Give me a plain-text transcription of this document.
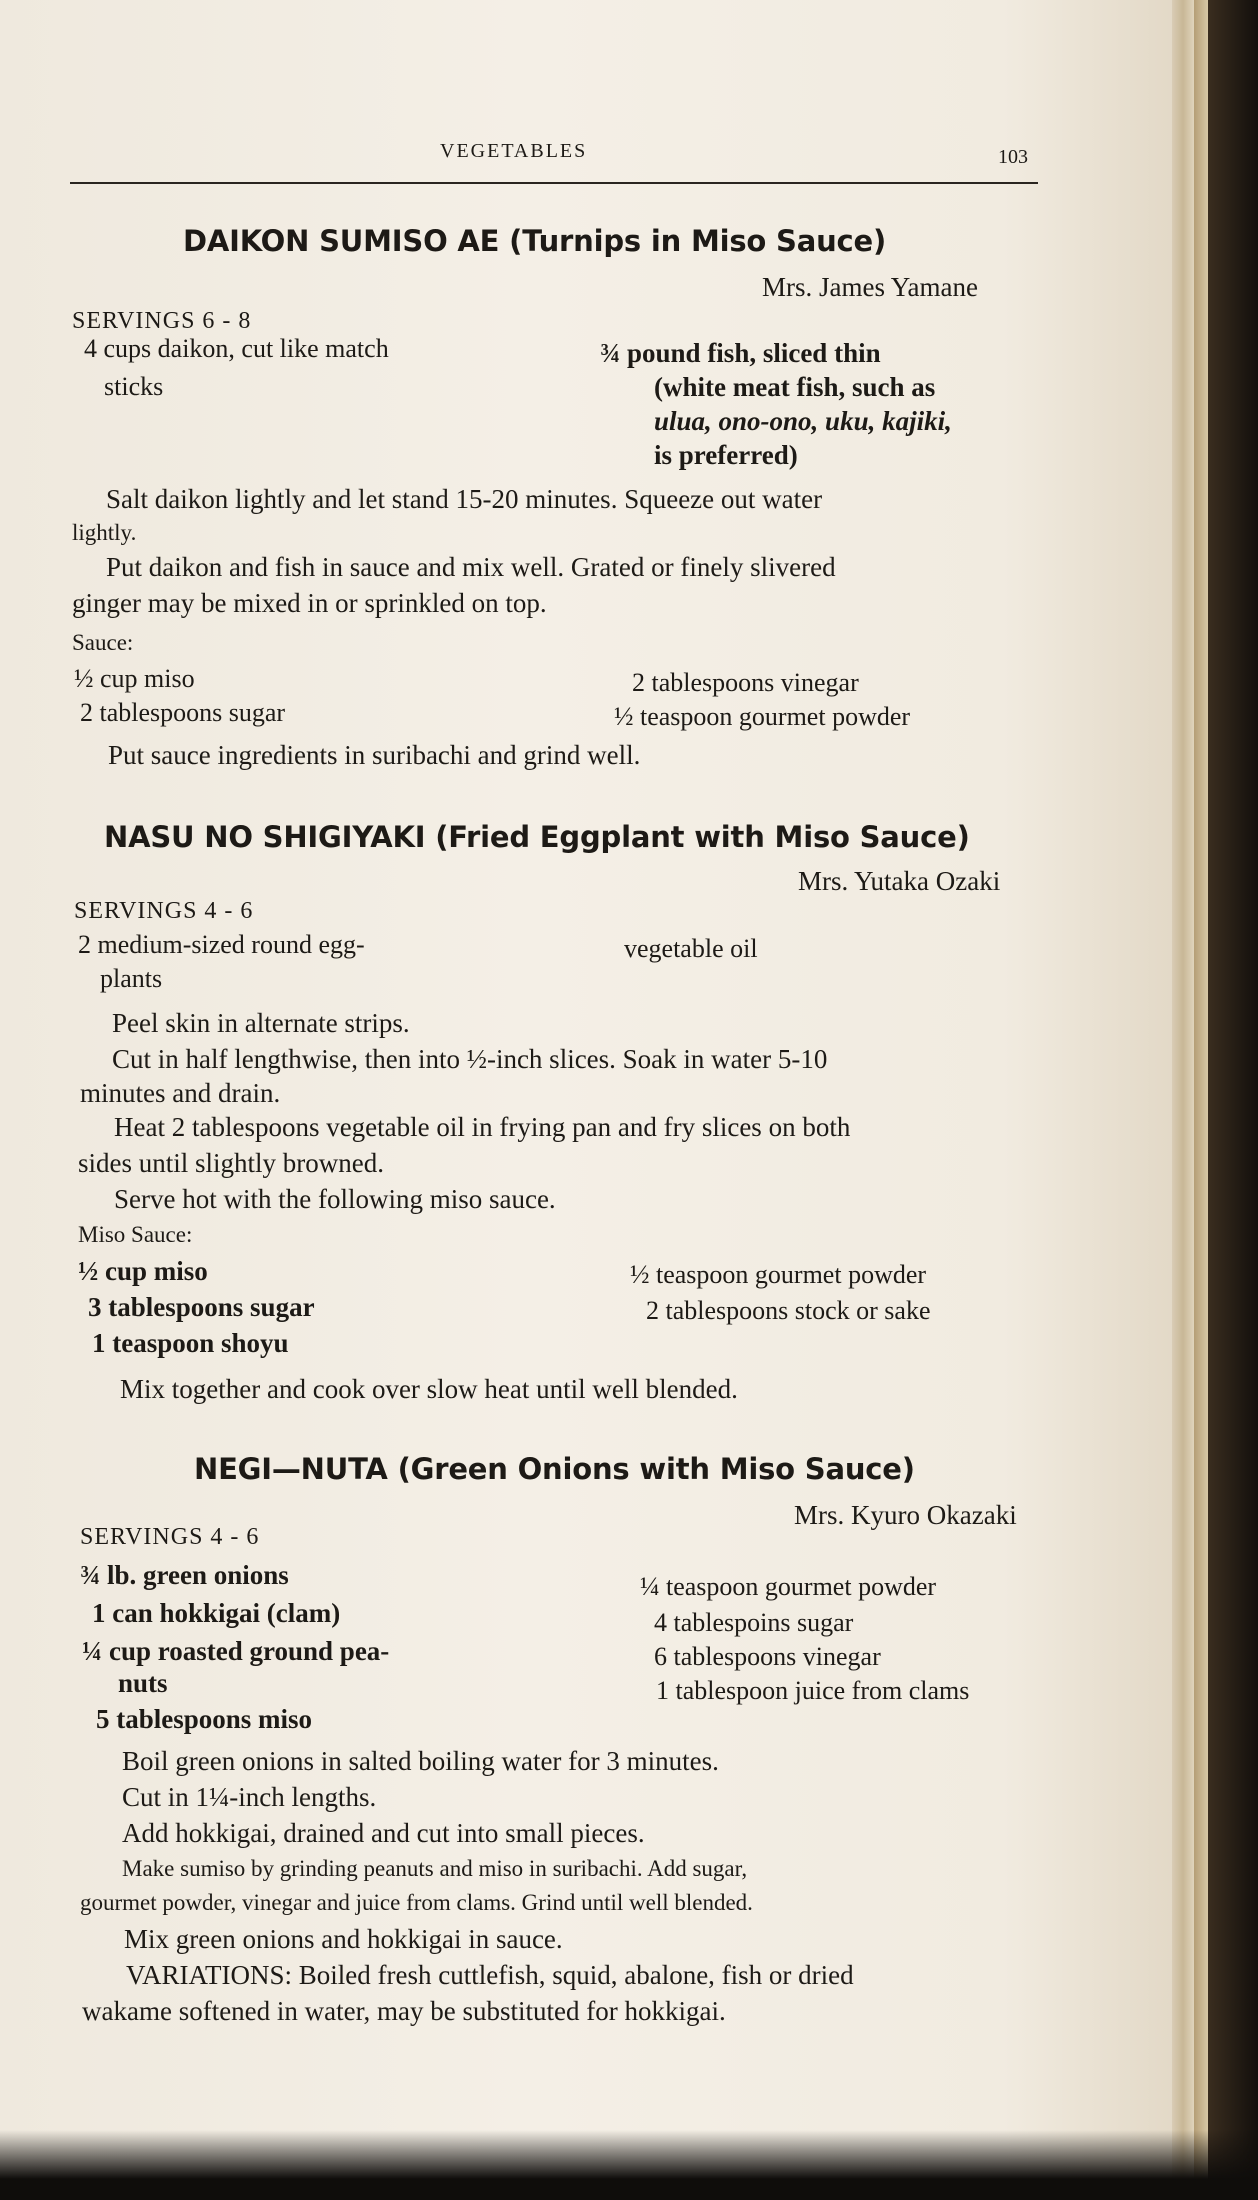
VEGETABLES	103
DAIKON SUMISO AE (Turnips in Miso Sauce)
Mrs. James Yamane
SERVINGS 6 - 8
4 cups daikon, cut like match
sticks
¾ pound fish, sliced thin
(white meat fish, such as
ulua, ono-ono, uku, kajiki,
is preferred)
Salt daikon lightly and let stand 15-20 minutes. Squeeze out water
lightly.
Put daikon and fish in sauce and mix well. Grated or finely slivered
ginger may be mixed in or sprinkled on top.
Sauce:
½ cup miso
2 tablespoons sugar
2 tablespoons vinegar
½ teaspoon gourmet powder
Put sauce ingredients in suribachi and grind well.
NASU NO SHIGIYAKI (Fried Eggplant with Miso Sauce)
Mrs. Yutaka Ozaki
SERVINGS 4 - 6
2 medium-sized round egg-
plants
vegetable oil
Peel skin in alternate strips.
Cut in half lengthwise, then into ½-inch slices. Soak in water 5-10
minutes and drain.
Heat 2 tablespoons vegetable oil in frying pan and fry slices on both
sides until slightly browned.
Serve hot with the following miso sauce.
Miso Sauce:
½ cup miso
3 tablespoons sugar
1 teaspoon shoyu
½ teaspoon gourmet powder
2 tablespoons stock or sake
Mix together and cook over slow heat until well blended.
NEGI—NUTA (Green Onions with Miso Sauce)
Mrs. Kyuro Okazaki
SERVINGS 4 - 6
¾ lb. green onions
1 can hokkigai (clam)
¼ cup roasted ground pea-
nuts
5 tablespoons miso
¼ teaspoon gourmet powder
4 tablespoins sugar
6 tablespoons vinegar
1 tablespoon juice from clams
Boil green onions in salted boiling water for 3 minutes.
Cut in 1¼-inch lengths.
Add hokkigai, drained and cut into small pieces.
Make sumiso by grinding peanuts and miso in suribachi. Add sugar,
gourmet powder, vinegar and juice from clams. Grind until well blended.
Mix green onions and hokkigai in sauce.
VARIATIONS: Boiled fresh cuttlefish, squid, abalone, fish or dried
wakame softened in water, may be substituted for hokkigai.
